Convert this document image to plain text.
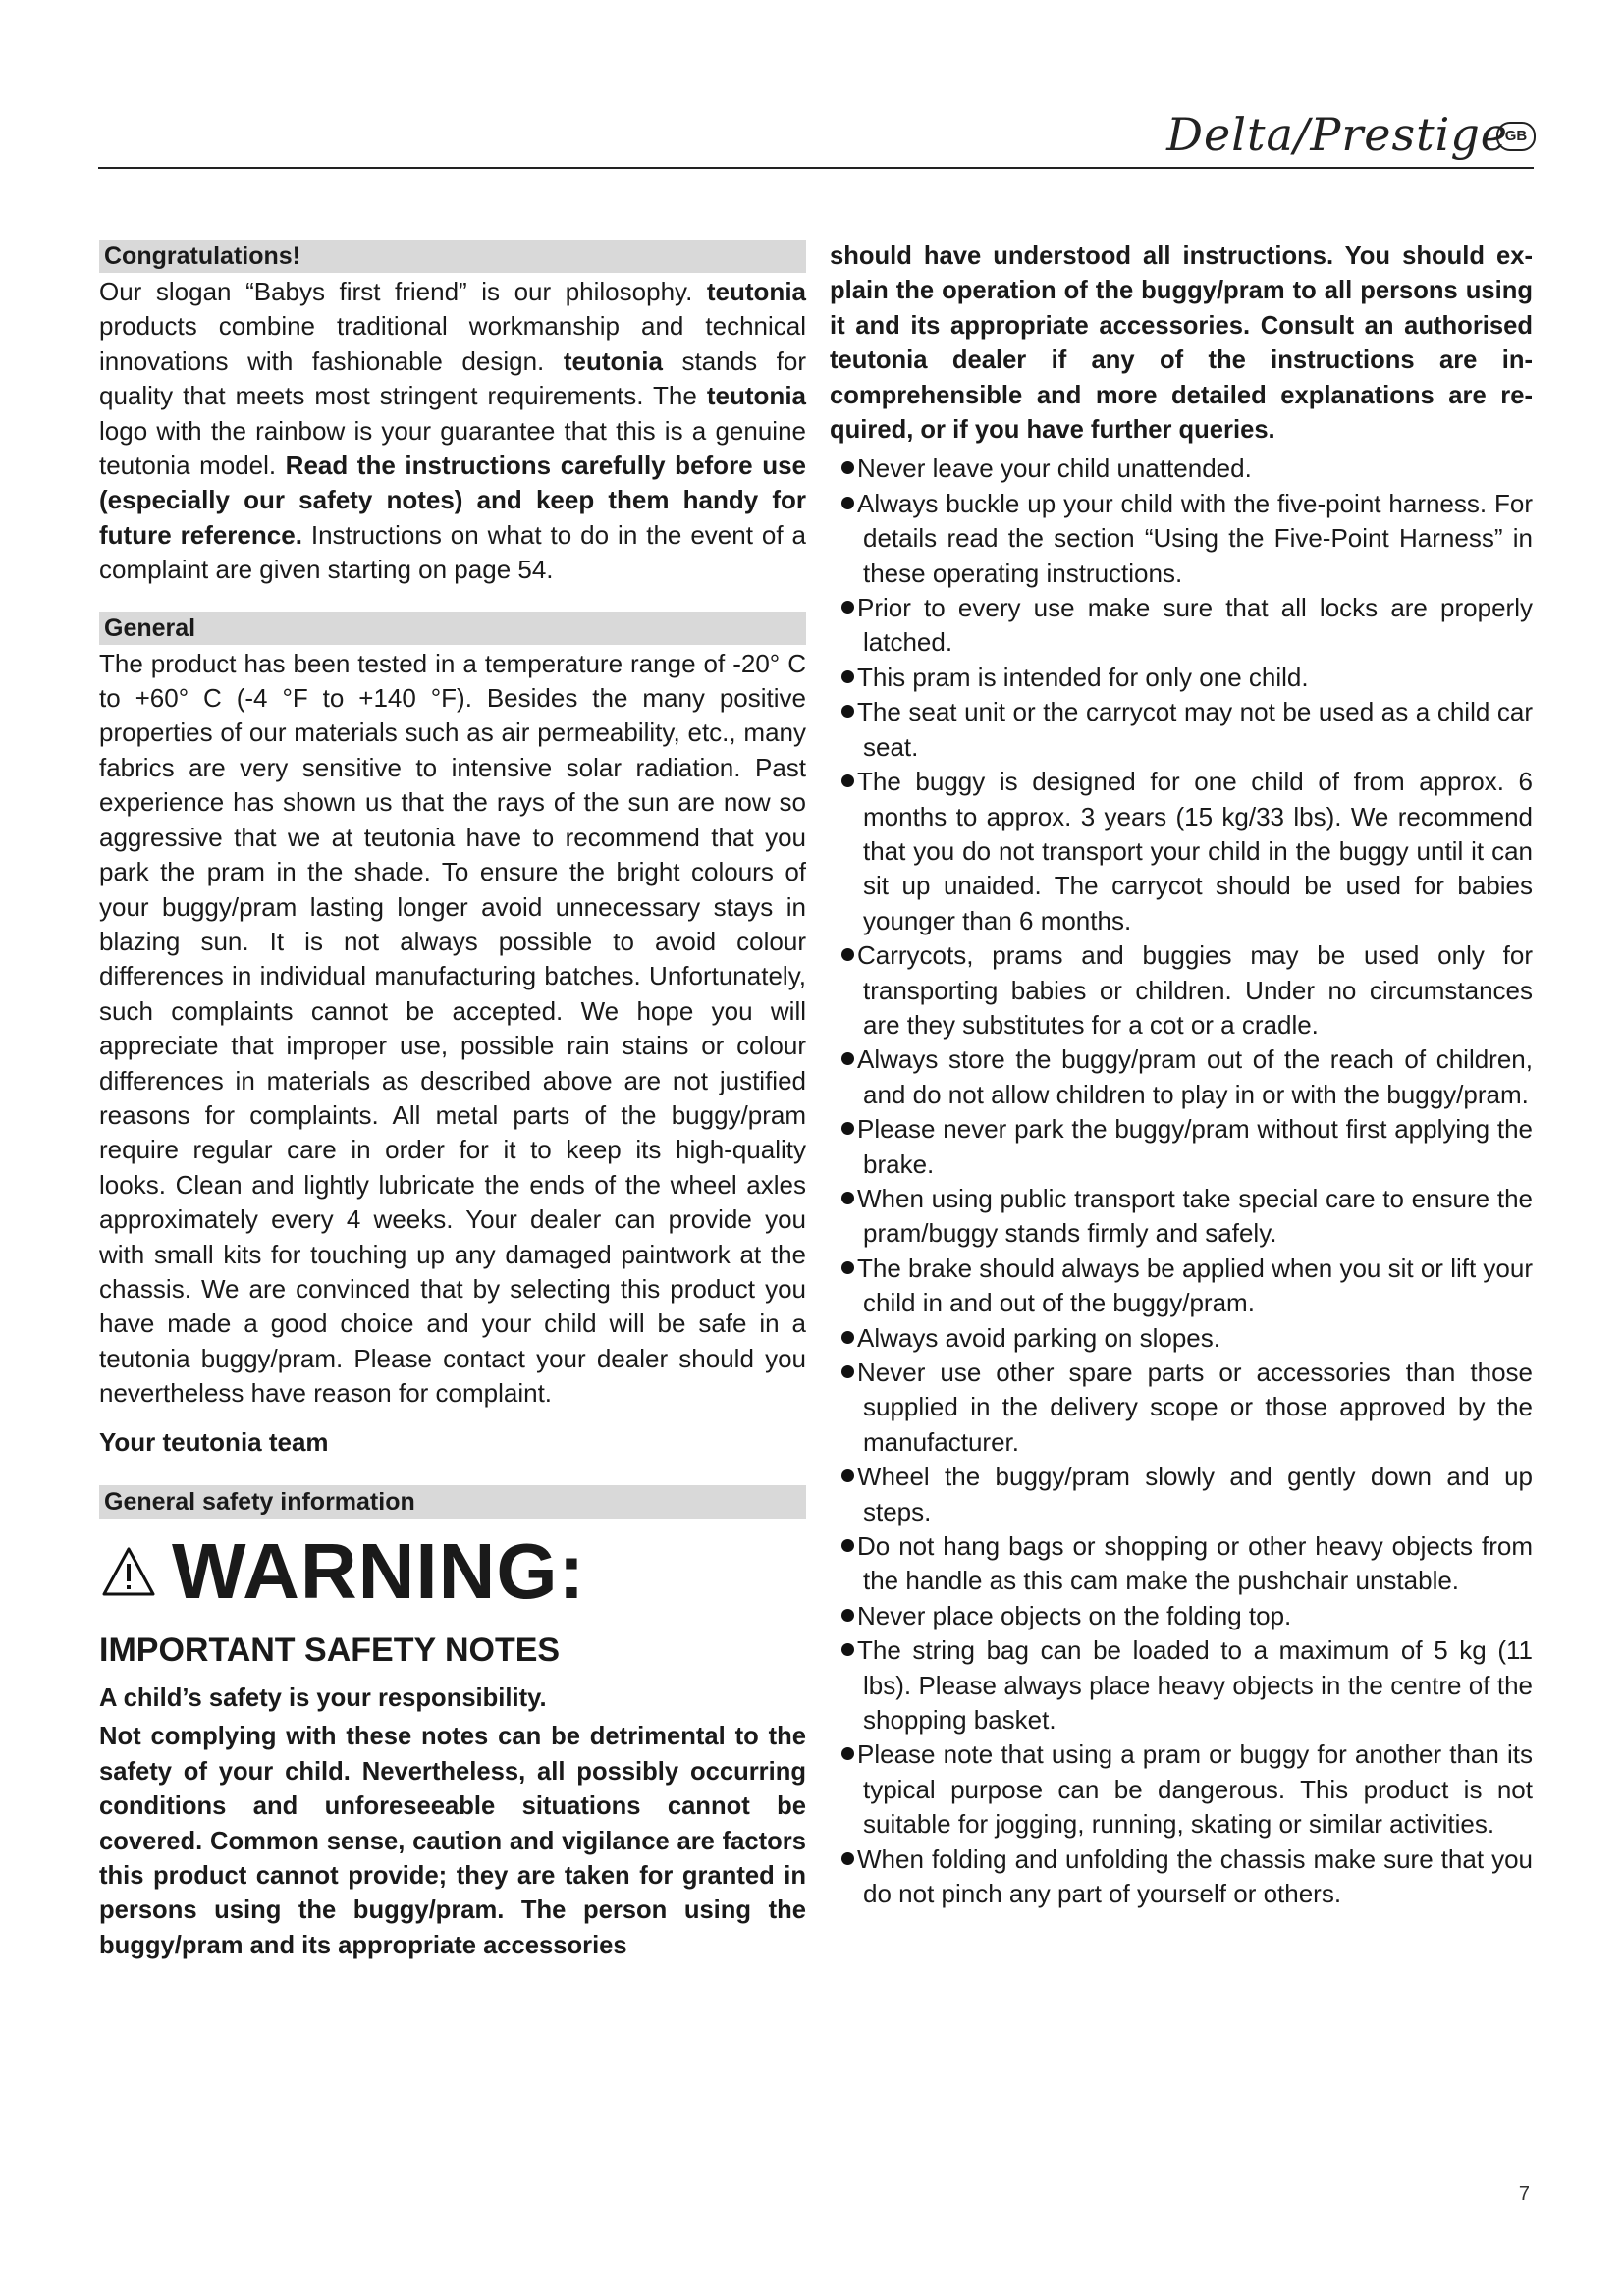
Delta/Prestige
GB
Congratulations!

Our slogan “Babys first friend” is our philosophy. teutonia products combine traditional workmanship and technical innovations with fashionable design. teutonia stands for quality that meets most stringent requirements. The teutonia logo with the rainbow is your guarantee that this is a genuine teutonia model. Read the instructions carefully before use (especially our safety notes) and keep them handy for future reference. Instructions on what to do in the event of a complaint are given starting on page 54.

General

The product has been tested in a temperature range of -20° C to +60° C (-4 °F to +140 °F). Besides the many positive properties of our materials such as air permeability, etc., many fabrics are very sensitive to intensive solar radiation. Past experience has shown us that the rays of the sun are now so aggressive that we at teutonia have to recommend that you park the pram in the shade. To ensure the bright colours of your buggy/pram lasting longer avoid unnecessary stays in blazing sun. It is not always possible to avoid colour differences in individual manufacturing batches. Unfortunately, such complaints cannot be accepted. We hope you will appreciate that improper use, possible rain stains or colour differences in materials as described above are not justified reasons for complaints. All metal parts of the buggy/pram require regular care in order for it to keep its high-quality looks. Clean and lightly lubricate the ends of the wheel axles approximately every 4 weeks. Your dealer can provide you with small kits for touching up any damaged paintwork at the chassis. We are convinced that by selecting this product you have made a good choice and your child will be safe in a teutonia buggy/pram. Please contact your dealer should you nevertheless have reason for complaint.

Your teutonia team

General safety information
WARNING:
IMPORTANT SAFETY NOTES

A child’s safety is your responsibility.

Not complying with these notes can be detrimental to the safety of your child. Nevertheless, all possibly occurring conditions and unforeseeable situations cannot be covered. Common sense, caution and vigilance are factors this product cannot provide; they are taken for granted in persons using the buggy/pram. The person using the buggy/pram and its appropriate accessories

should have understood all instructions. You should explain the operation of the buggy/pram to all persons using it and its appropriate accessories. Consult an authorised teutonia dealer if any of the instructions are incomprehensible and more detailed explanations are required, or if you have further queries.

Never leave your child unattended.
Always buckle up your child with the five-point harness. For details read the section “Using the Five-Point Harness” in these operating instructions.
Prior to every use make sure that all locks are properly latched.
This pram is intended for only one child.
The seat unit or the carrycot may not be used as a child car seat.
The buggy is designed for one child of from approx. 6 months to approx. 3 years (15 kg/33 lbs). We recommend that you do not transport your child in the buggy until it can sit up unaided. The carrycot should be used for babies younger than 6 months.
Carrycots, prams and buggies may be used only for transporting babies or children. Under no circumstances are they substitutes for a cot or a cradle.
Always store the buggy/pram out of the reach of children, and do not allow children to play in or with the buggy/pram.
Please never park the buggy/pram without first applying the brake.
When using public transport take special care to ensure the pram/buggy stands firmly and safely.
The brake should always be applied when you sit or lift your child in and out of the buggy/pram.
Always avoid parking on slopes.
Never use other spare parts or accessories than those supplied in the delivery scope or those approved by the manufacturer.
Wheel the buggy/pram slowly and gently down and up steps.
Do not hang bags or shopping or other heavy objects from the handle as this cam make the pushchair unstable.
Never place objects on the folding top.
The string bag can be loaded to a maximum of 5 kg (11 lbs). Please always place heavy objects in the centre of the shopping basket.
Please note that using a pram or buggy for another than its typical purpose can be dangerous. This product is not suitable for jogging, running, skating or similar activities.
When folding and unfolding the chassis make sure that you do not pinch any part of yourself or others.
7
